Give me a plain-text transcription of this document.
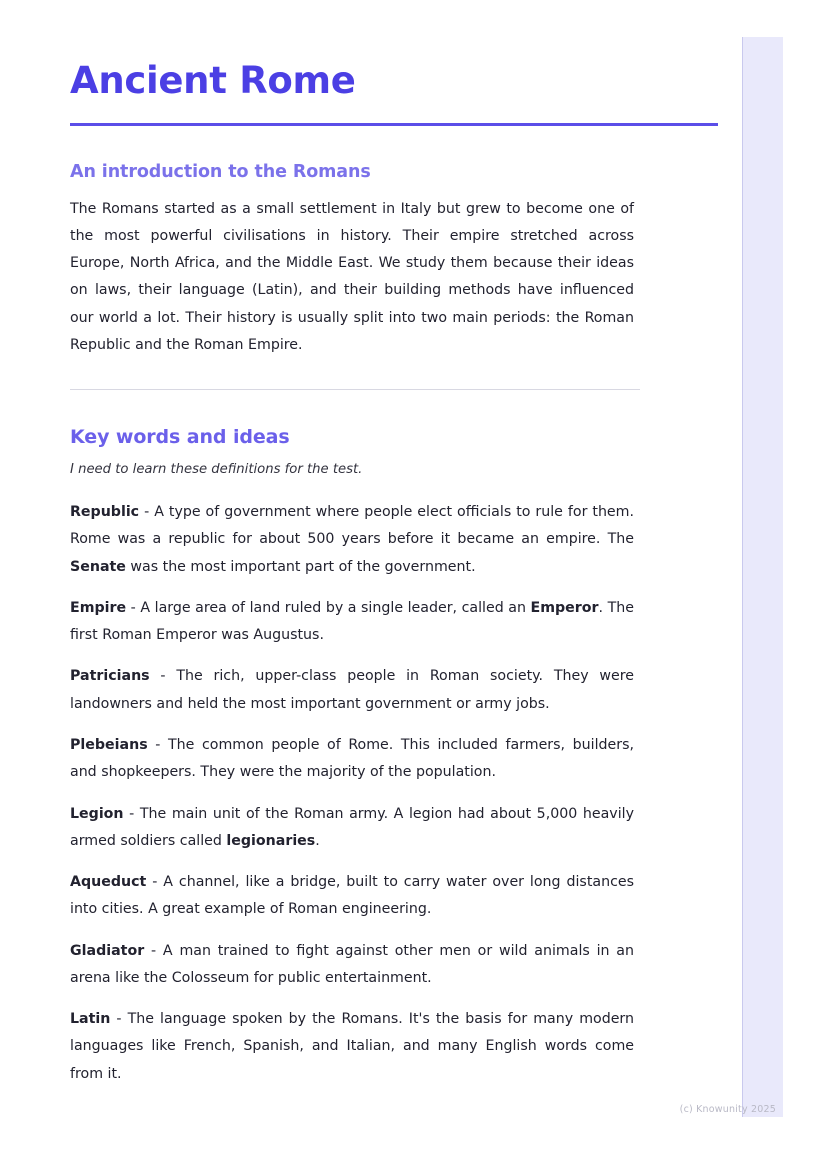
(c) Knowunity 2025
Ancient Rome
An introduction to the Romans

The Romans started as a small settlement in Italy but grew to become one of the most powerful civilisations in history. Their empire stretched across Europe, North Africa, and the Middle East. We study them because their ideas on laws, their language (Latin), and their building methods have influenced our world a lot. Their history is usually split into two main periods: the Roman Republic and the Roman Empire.

Key words and ideas

I need to learn these definitions for the test.

Republic - A type of government where people elect officials to rule for them. Rome was a republic for about 500 years before it became an empire. The Senate was the most important part of the government.

Empire - A large area of land ruled by a single leader, called an Emperor. The first Roman Emperor was Augustus.

Patricians - The rich, upper-class people in Roman society. They were landowners and held the most important government or army jobs.

Plebeians - The common people of Rome. This included farmers, builders, and shopkeepers. They were the majority of the population.

Legion - The main unit of the Roman army. A legion had about 5,000 heavily armed soldiers called legionaries.

Aqueduct - A channel, like a bridge, built to carry water over long distances into cities. A great example of Roman engineering.

Gladiator - A man trained to fight against other men or wild animals in an arena like the Colosseum for public entertainment.

Latin - The language spoken by the Romans. It's the basis for many modern languages like French, Spanish, and Italian, and many English words come from it.
